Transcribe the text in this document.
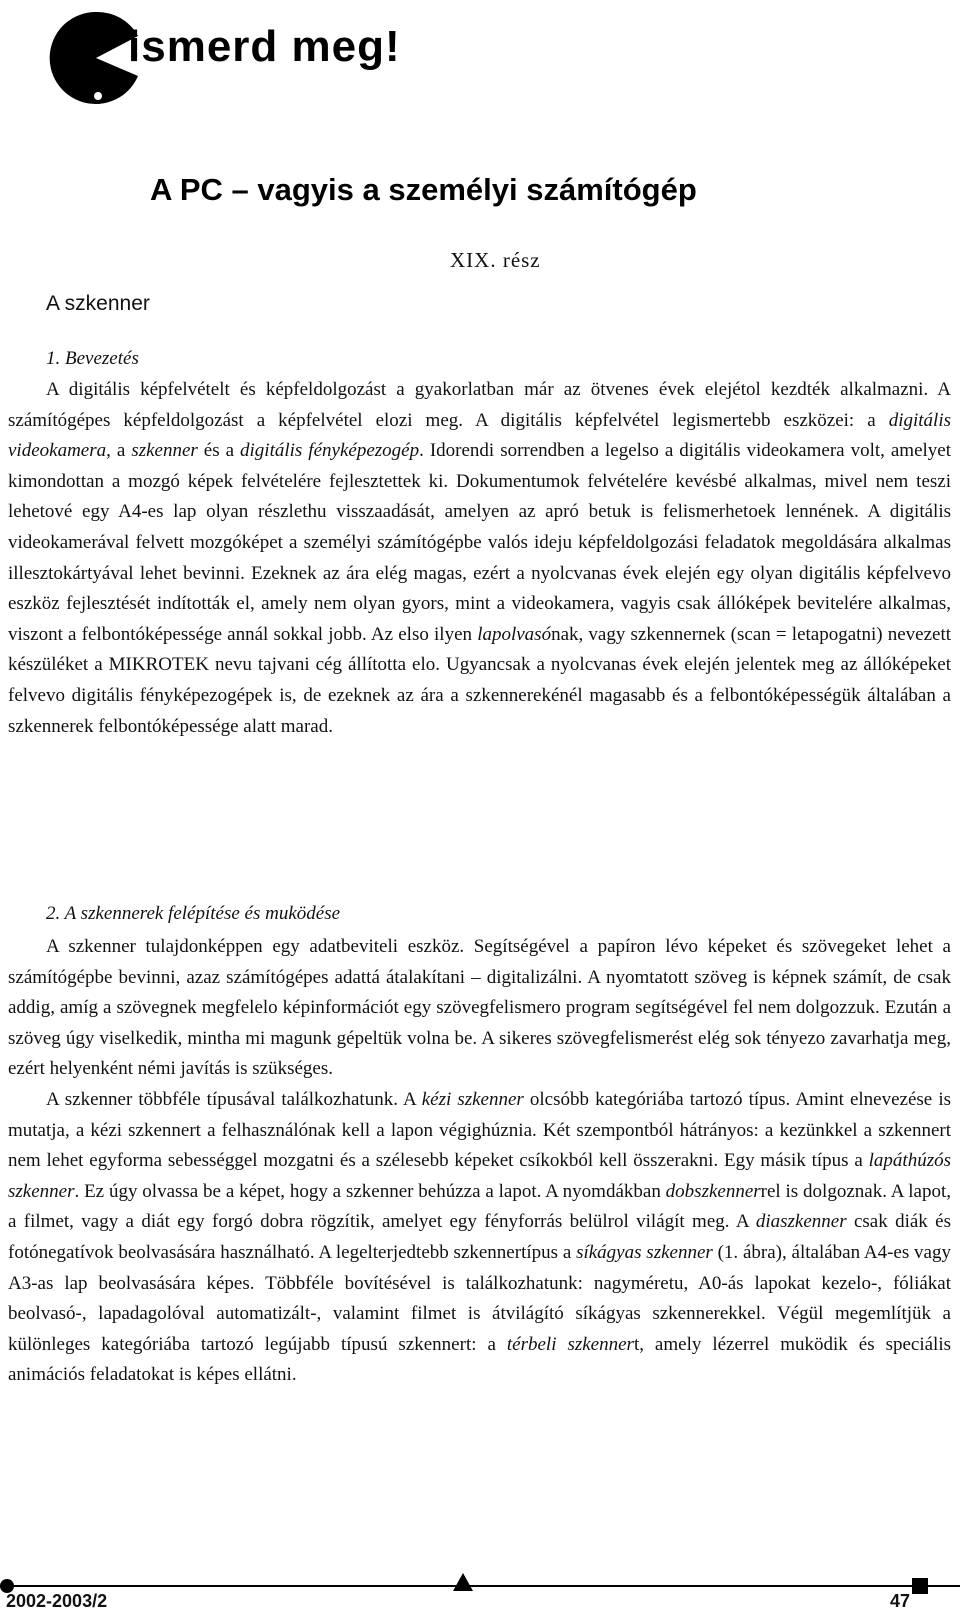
ismerd meg!
A PC – vagyis a személyi számítógép
XIX. rész
A szkenner
1. Bevezetés

A digitális képfelvételt és képfeldolgozást a gyakorlatban már az ötvenes évek elejétol kezdték alkalmazni. A számítógépes képfeldolgozást a képfelvétel elozi meg. A digitális képfelvétel legismertebb eszközei: a digitális videokamera, a szkenner és a digitális fényképezogép. Idorendi sorrendben a legelso a digitális videokamera volt, amelyet kimondottan a mozgó képek felvételére fejlesztettek ki. Dokumentumok felvételére kevésbé alkalmas, mivel nem teszi lehetové egy A4-es lap olyan részlethu visszaadását, amelyen az apró betuk is felismerhetoek lennének. A digitális videokamerával felvett mozgóképet a személyi számítógépbe valós ideju képfeldolgozási feladatok megoldására alkalmas illesztokártyával lehet bevinni. Ezeknek az ára elég magas, ezért a nyolcvanas évek elején egy olyan digitális képfelvevo eszköz fejlesztését indították el, amely nem olyan gyors, mint a videokamera, vagyis csak állóképek bevitelére alkalmas, viszont a felbontóképessége annál sokkal jobb. Az elso ilyen lapolvasónak, vagy szkennernek (scan = letapogatni) nevezett készüléket a MIKROTEK nevu tajvani cég állította elo. Ugyancsak a nyolcvanas évek elején jelentek meg az állóképeket felvevo digitális fényképezogépek is, de ezeknek az ára a szkennerekénél magasabb és a felbontóképességük általában a szkennerek felbontóképessége alatt marad.

2. A szkennerek felépítése és muködése

A szkenner tulajdonképpen egy adatbeviteli eszköz. Segítségével a papíron lévo képeket és szövegeket lehet a számítógépbe bevinni, azaz számítógépes adattá átalakítani – digitalizálni. A nyomtatott szöveg is képnek számít, de csak addig, amíg a szövegnek megfelelo képinformációt egy szövegfelismero program segítségével fel nem dolgozzuk. Ezután a szöveg úgy viselkedik, mintha mi magunk gépeltük volna be. A sikeres szövegfelismerést elég sok tényezo zavarhatja meg, ezért helyenként némi javítás is szükséges.

A szkenner többféle típusával találkozhatunk. A kézi szkenner olcsóbb kategóriába tartozó típus. Amint elnevezése is mutatja, a kézi szkennert a felhasználónak kell a lapon végighúznia. Két szempontból hátrányos: a kezünkkel a szkennert nem lehet egyforma sebességgel mozgatni és a szélesebb képeket csíkokból kell összerakni. Egy másik típus a lapáthúzós szkenner. Ez úgy olvassa be a képet, hogy a szkenner behúzza a lapot. A nyomdákban dobszkennerrel is dolgoznak. A lapot, a filmet, vagy a diát egy forgó dobra rögzítik, amelyet egy fényforrás belülrol világít meg. A diaszkenner csak diák és fotónegatívok beolvasására használható. A legelterjedtebb szkennertípus a síkágyas szkenner (1. ábra), általában A4-es vagy A3-as lap beolvasására képes. Többféle bovítésével is találkozhatunk: nagyméretu, A0-ás lapokat kezelo-, fóliákat beolvasó-, lapadagolóval automatizált-, valamint filmet is átvilágító síkágyas szkennerekkel. Végül megemlítjük a különleges kategóriába tartozó legújabb típusú szkennert: a térbeli szkennert, amely lézerrel muködik és speciális animációs feladatokat is képes ellátni.

2002-2003/2	47
